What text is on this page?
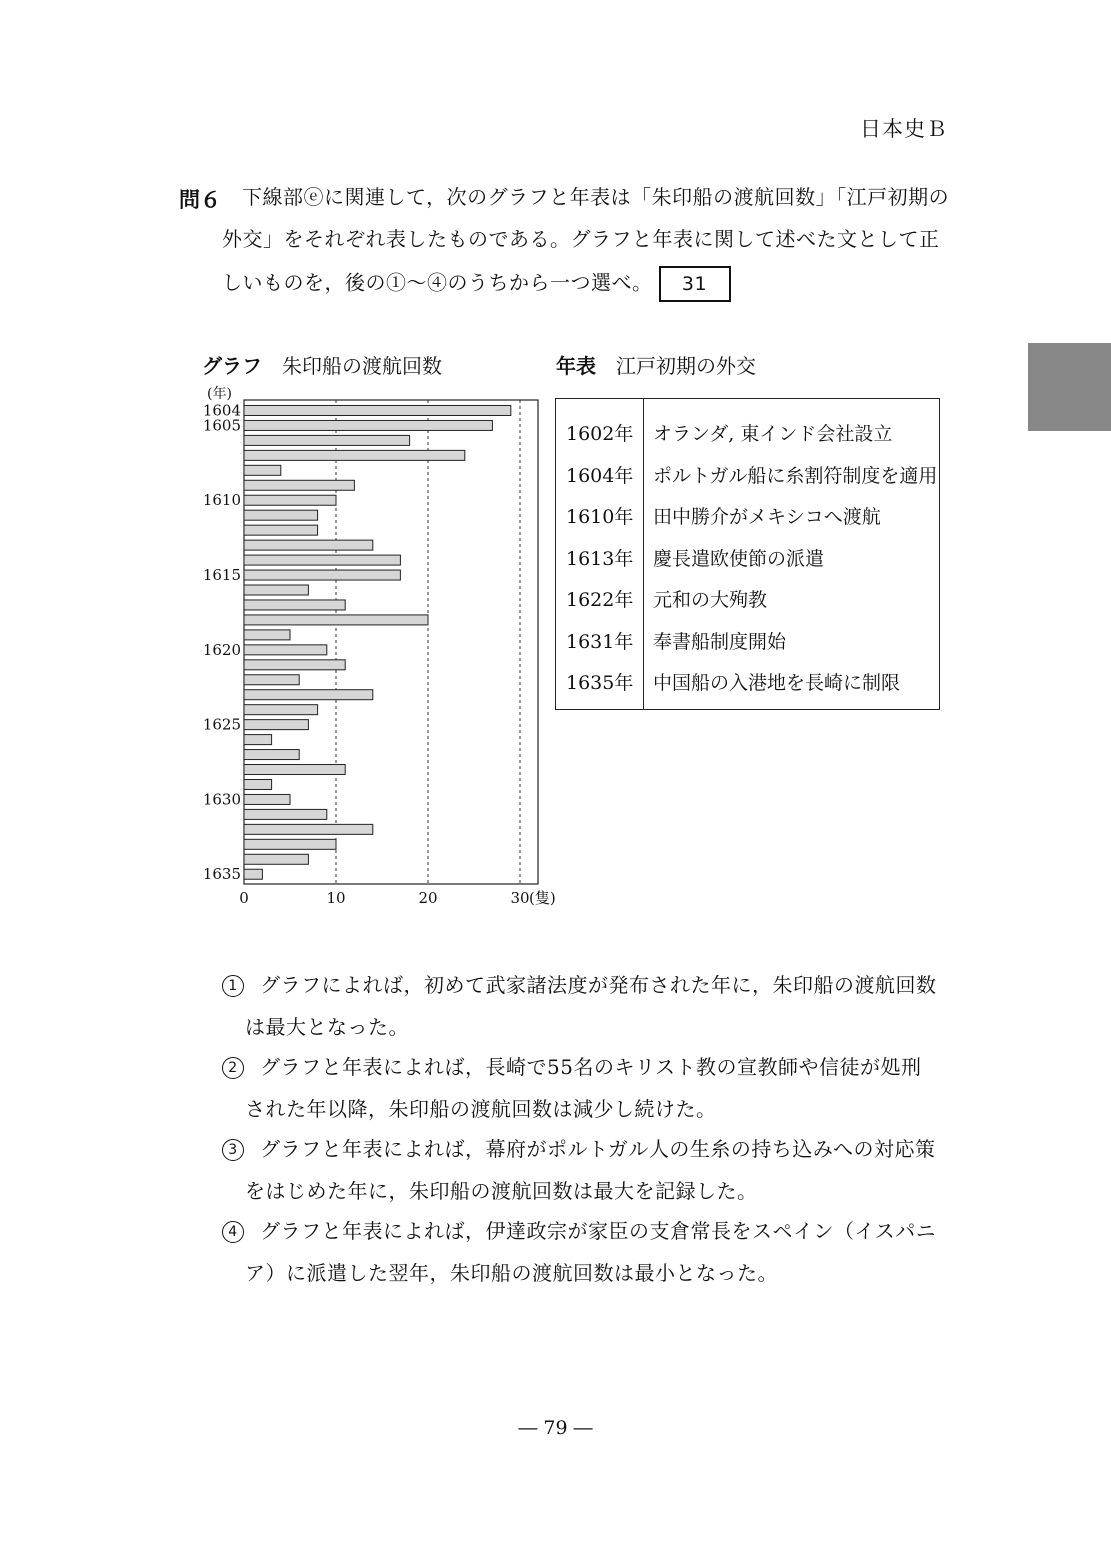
日本史Ｂ
問６ 下線部ⓔに関連して，次のグラフと年表は「朱印船の渡航回数」「江戸初期の
外交」をそれぞれ表したものである。グラフと年表に関して述べた文として正
しいものを，後の①～④のうちから一つ選べ。 31
グラフ 朱印船の渡航回数	年表 江戸初期の外交
(年)
1604
1605
1610
1615
1620
1625
1630
1635
0	10	20	30 (隻)
1602年 オランダ, 東インド会社設立
1604年 ポルトガル船に糸割符制度を適用
1610年 田中勝介がメキシコへ渡航
1613年 慶長遣欧使節の派遣
1622年 元和の大殉教
1631年 奉書船制度開始
1635年 中国船の入港地を長崎に制限
1 グラフによれば，初めて武家諸法度が発布された年に，朱印船の渡航回数
は最大となった。
2 グラフと年表によれば，長崎で55名のキリスト教の宣教師や信徒が処刑
された年以降，朱印船の渡航回数は減少し続けた。
3 グラフと年表によれば，幕府がポルトガル人の生糸の持ち込みへの対応策
をはじめた年に，朱印船の渡航回数は最大を記録した。
4 グラフと年表によれば，伊達政宗が家臣の支倉常長をスペイン（イスパニ
ア）に派遣した翌年，朱印船の渡航回数は最小となった。
― 79 ―
